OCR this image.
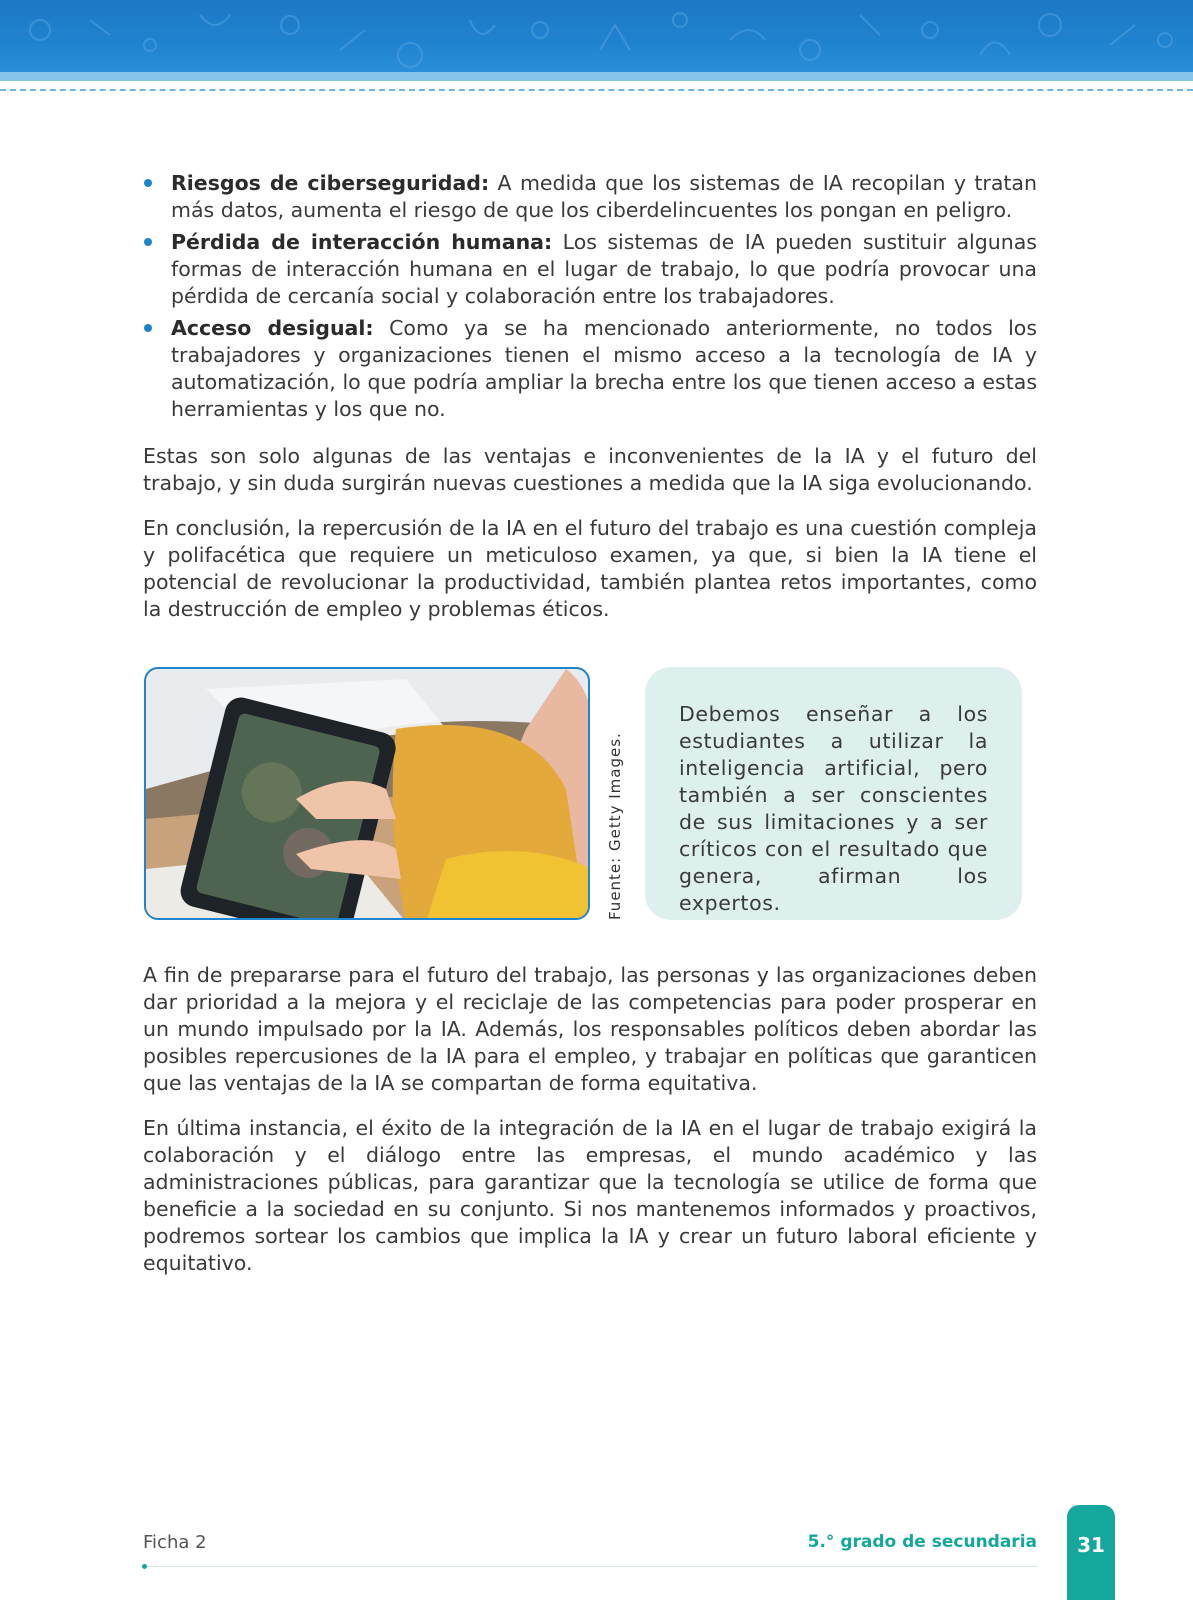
Riesgos de ciberseguridad: A medida que los sistemas de IA recopilan y tratan más datos, aumenta el riesgo de que los ciberdelincuentes los pongan en peligro.
Pérdida de interacción humana: Los sistemas de IA pueden sustituir algunas formas de interacción humana en el lugar de trabajo, lo que podría provocar una pérdida de cercanía social y colaboración entre los trabajadores.
Acceso desigual: Como ya se ha mencionado anteriormente, no todos los trabajadores y organizaciones tienen el mismo acceso a la tecnología de IA y automatización, lo que podría ampliar la brecha entre los que tienen acceso a estas herramientas y los que no.

Estas son solo algunas de las ventajas e inconvenientes de la IA y el futuro del trabajo, y sin duda surgirán nuevas cuestiones a medida que la IA siga evolucionando.

En conclusión, la repercusión de la IA en el futuro del trabajo es una cuestión compleja y polifacética que requiere un meticuloso examen, ya que, si bien la IA tiene el potencial de revolucionar la productividad, también plantea retos importantes, como la destrucción de empleo y problemas éticos.

Fuente: Getty Images.

Debemos enseñar a los estudiantes a utilizar la inteligencia artificial, pero también a ser conscientes de sus limitaciones y a ser críticos con el resultado que genera, afirman los expertos.

A fin de prepararse para el futuro del trabajo, las personas y las organizaciones deben dar prioridad a la mejora y el reciclaje de las competencias para poder prosperar en un mundo impulsado por la IA. Además, los responsables políticos deben abordar las posibles repercusiones de la IA para el empleo, y trabajar en políticas que garanticen que las ventajas de la IA se compartan de forma equitativa.

En última instancia, el éxito de la integración de la IA en el lugar de trabajo exigirá la colaboración y el diálogo entre las empresas, el mundo académico y las administraciones públicas, para garantizar que la tecnología se utilice de forma que beneficie a la sociedad en su conjunto. Si nos mantenemos informados y proactivos, podremos sortear los cambios que implica la IA y crear un futuro laboral eficiente y equitativo.

Ficha 2	5.° grado de secundaria	31
